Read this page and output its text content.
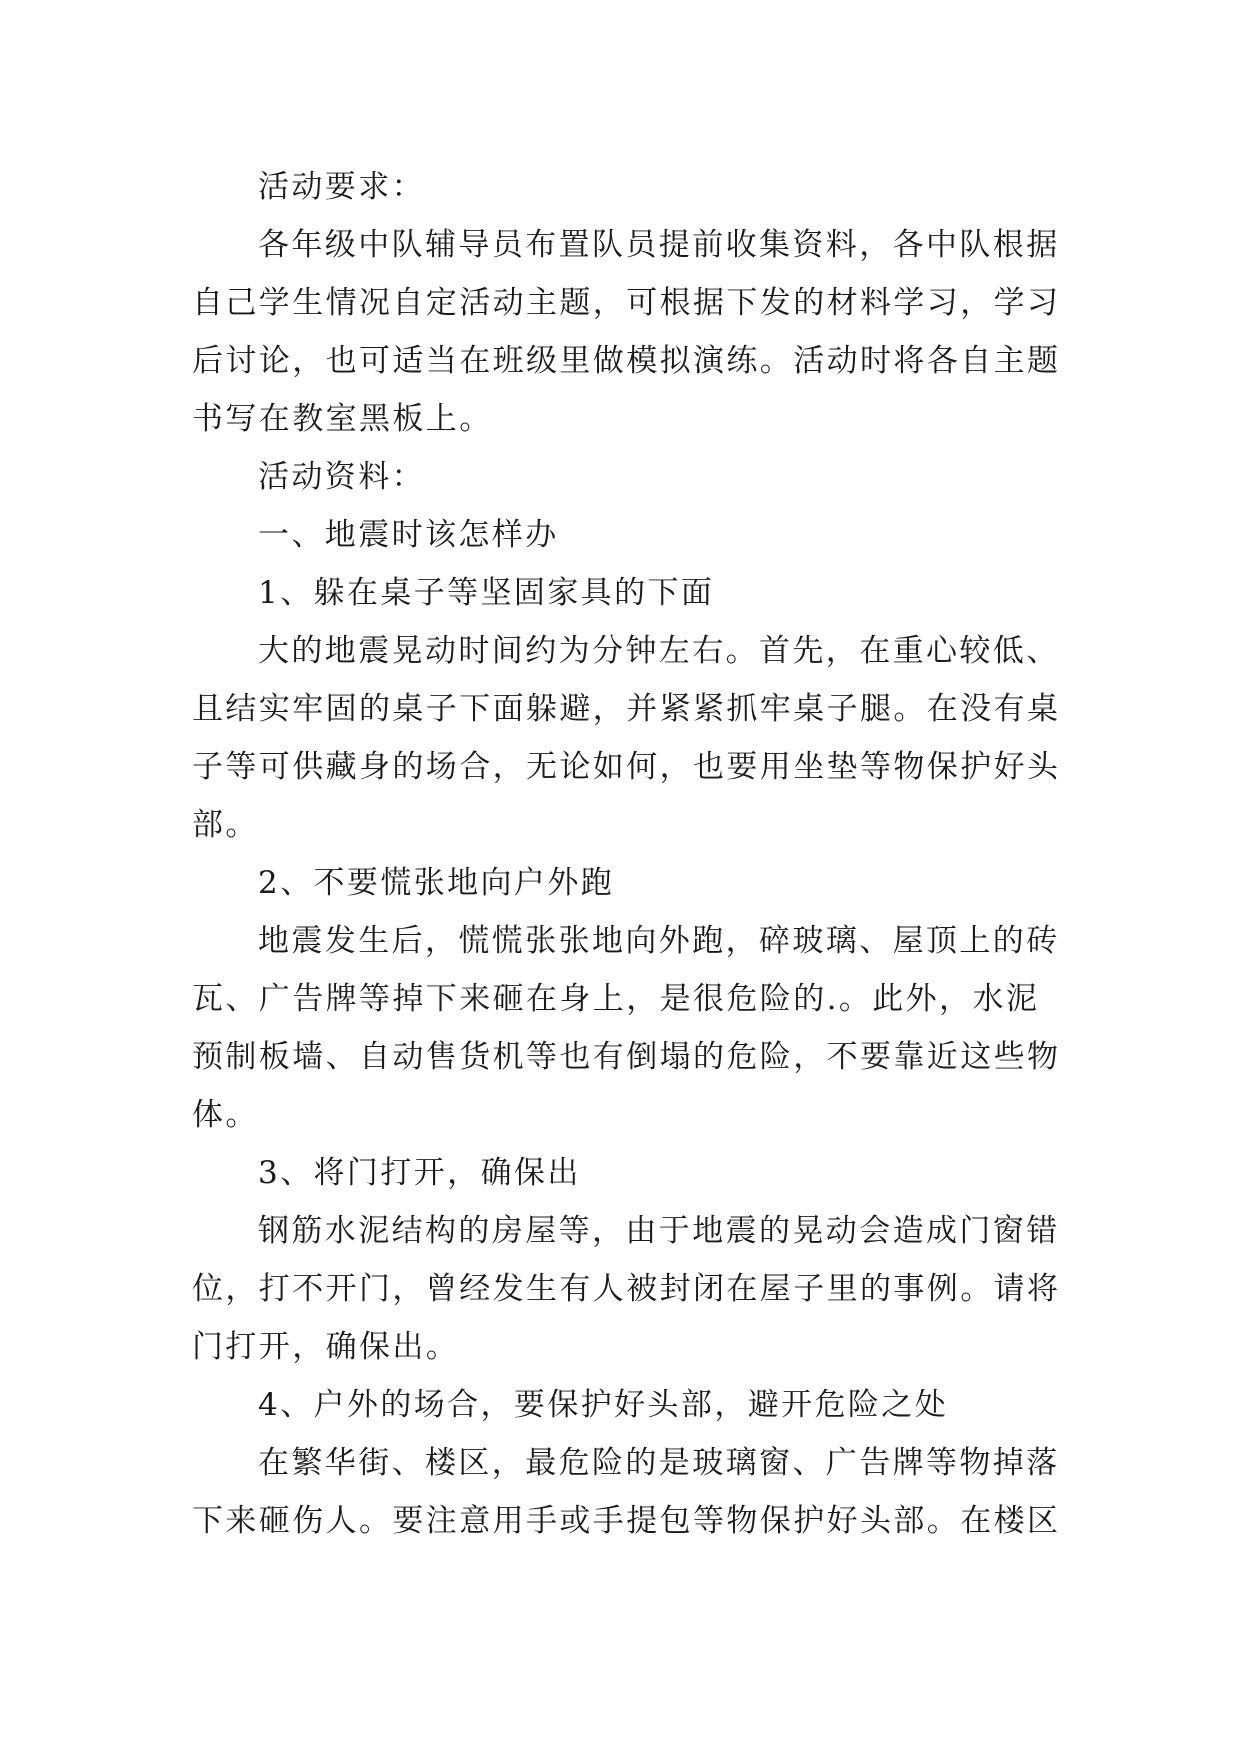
活动要求：
各年级中队辅导员布置队员提前收集资料，各中队根据
自己学生情况自定活动主题，可根据下发的材料学习，学习
后讨论，也可适当在班级里做模拟演练。活动时将各自主题
书写在教室黑板上。
活动资料：
一、地震时该怎样办
1、躲在桌子等坚固家具的下面
大的地震晃动时间约为分钟左右。首先，在重心较低、
且结实牢固的桌子下面躲避，并紧紧抓牢桌子腿。在没有桌
子等可供藏身的场合，无论如何，也要用坐垫等物保护好头
部。
2、不要慌张地向户外跑
地震发生后，慌慌张张地向外跑，碎玻璃、屋顶上的砖
瓦、广告牌等掉下来砸在身上，是很危险的.。此外，水泥
预制板墙、自动售货机等也有倒塌的危险，不要靠近这些物
体。
3、将门打开，确保出
钢筋水泥结构的房屋等，由于地震的晃动会造成门窗错
位，打不开门，曾经发生有人被封闭在屋子里的事例。请将
门打开，确保出。
4、户外的场合，要保护好头部，避开危险之处
在繁华街、楼区，最危险的是玻璃窗、广告牌等物掉落
下来砸伤人。要注意用手或手提包等物保护好头部。在楼区
